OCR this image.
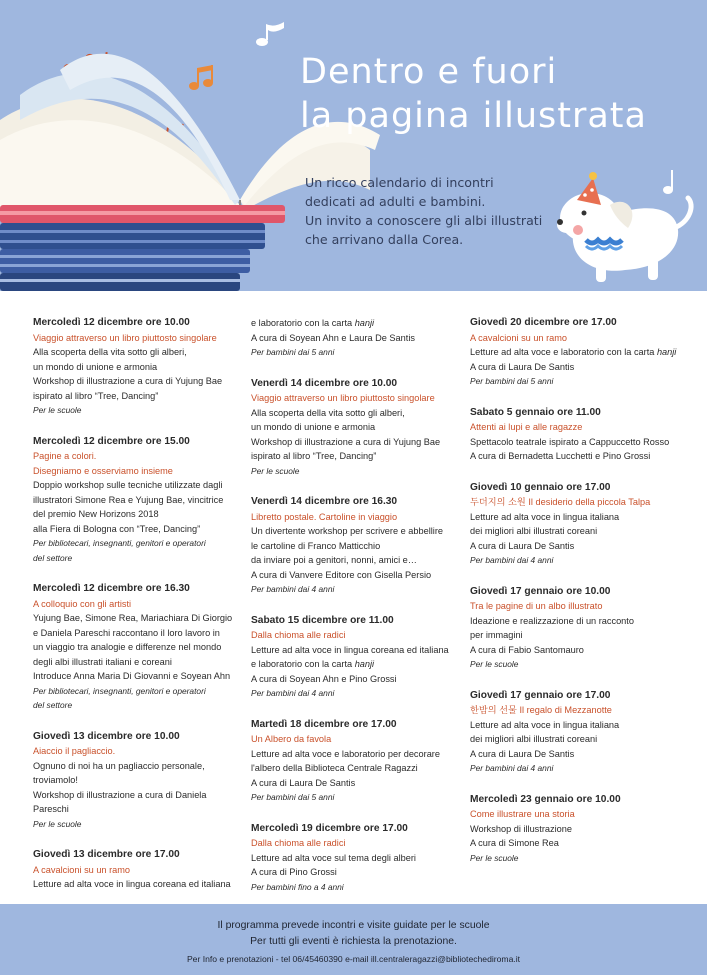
Dentro e fuori
la pagina illustrata
Un ricco calendario di incontri
dedicati ad adulti e bambini.
Un invito a conoscere gli albi illustrati
che arrivano dalla Corea.
Mercoledì 12 dicembre ore 10.00
Viaggio attraverso un libro piuttosto singolare
Alla scoperta della vita sotto gli alberi,
un mondo di unione e armonia
Workshop di illustrazione a cura di Yujung Bae
ispirato al libro “Tree, Dancing”
Per le scuole
Mercoledì 12 dicembre ore 15.00
Pagine a colori.
Disegniamo e osserviamo insieme
Doppio workshop sulle tecniche utilizzate dagli
illustratori Simone Rea e Yujung Bae, vincitrice
del premio New Horizons 2018
alla Fiera di Bologna con “Tree, Dancing”
Per bibliotecari, insegnanti, genitori e operatori
del settore
Mercoledì 12 dicembre ore 16.30
A colloquio con gli artisti
Yujung Bae, Simone Rea, Mariachiara Di Giorgio
e Daniela Pareschi raccontano il loro lavoro in
un viaggio tra analogie e differenze nel mondo
degli albi illustrati italiani e coreani
Introduce Anna Maria Di Giovanni e Soyean Ahn
Per bibliotecari, insegnanti, genitori e operatori
del settore
Giovedì 13 dicembre ore 10.00
Aiaccio il pagliaccio.
Ognuno di noi ha un pagliaccio personale,
troviamolo!
Workshop di illustrazione a cura di Daniela
Pareschi
Per le scuole
Giovedì 13 dicembre ore 17.00
A cavalcioni su un ramo
Letture ad alta voce in lingua coreana ed italiana
e laboratorio con la carta hanji
A cura di Soyean Ahn e Laura De Santis
Per bambini dai 5 anni
Venerdì 14 dicembre ore 10.00
Viaggio attraverso un libro piuttosto singolare
Alla scoperta della vita sotto gli alberi,
un mondo di unione e armonia
Workshop di illustrazione a cura di Yujung Bae
ispirato al libro “Tree, Dancing”
Per le scuole
Venerdì 14 dicembre ore 16.30
Libretto postale. Cartoline in viaggio
Un divertente workshop per scrivere e abbellire
le cartoline di Franco Matticchio
da inviare poi a genitori, nonni, amici e…
A cura di Vanvere Editore con Gisella Persio
Per bambini dai 4 anni
Sabato 15 dicembre ore 11.00
Dalla chioma alle radici
Letture ad alta voce in lingua coreana ed italiana
e laboratorio con la carta hanji
A cura di Soyean Ahn e Pino Grossi
Per bambini dai 4 anni
Martedì 18 dicembre ore 17.00
Un Albero da favola
Letture ad alta voce e laboratorio per decorare
l'albero della Biblioteca Centrale Ragazzi
A cura di Laura De Santis
Per bambini dai 5 anni
Mercoledì 19 dicembre ore 17.00
Dalla chioma alle radici
Letture ad alta voce sul tema degli alberi
A cura di Pino Grossi
Per bambini fino a 4 anni
Giovedì 20 dicembre ore 17.00
A cavalcioni su un ramo
Letture ad alta voce e laboratorio con la carta hanji
A cura di Laura De Santis
Per bambini dai 5 anni
Sabato 5 gennaio ore 11.00
Attenti ai lupi e alle ragazze
Spettacolo teatrale ispirato a Cappuccetto Rosso
A cura di Bernadetta Lucchetti e Pino Grossi
Giovedì 10 gennaio ore 17.00
두더지의 소원 Il desiderio della piccola Talpa
Letture ad alta voce in lingua italiana
dei migliori albi illustrati coreani
A cura di Laura De Santis
Per bambini dai 4 anni
Giovedì 17 gennaio ore 10.00
Tra le pagine di un albo illustrato
Ideazione e realizzazione di un racconto
per immagini
A cura di Fabio Santomauro
Per le scuole
Giovedì 17 gennaio ore 17.00
한밤의 선물 Il regalo di Mezzanotte
Letture ad alta voce in lingua italiana
dei migliori albi illustrati coreani
A cura di Laura De Santis
Per bambini dai 4 anni
Mercoledì 23 gennaio ore 10.00
Come illustrare una storia
Workshop di illustrazione
A cura di Simone Rea
Per le scuole
Il programma prevede incontri e visite guidate per le scuole
Per tutti gli eventi è richiesta la prenotazione.
Per Info e prenotazioni - tel 06/45460390 e-mail ill.centraleragazzi@bibliotechediroma.it
